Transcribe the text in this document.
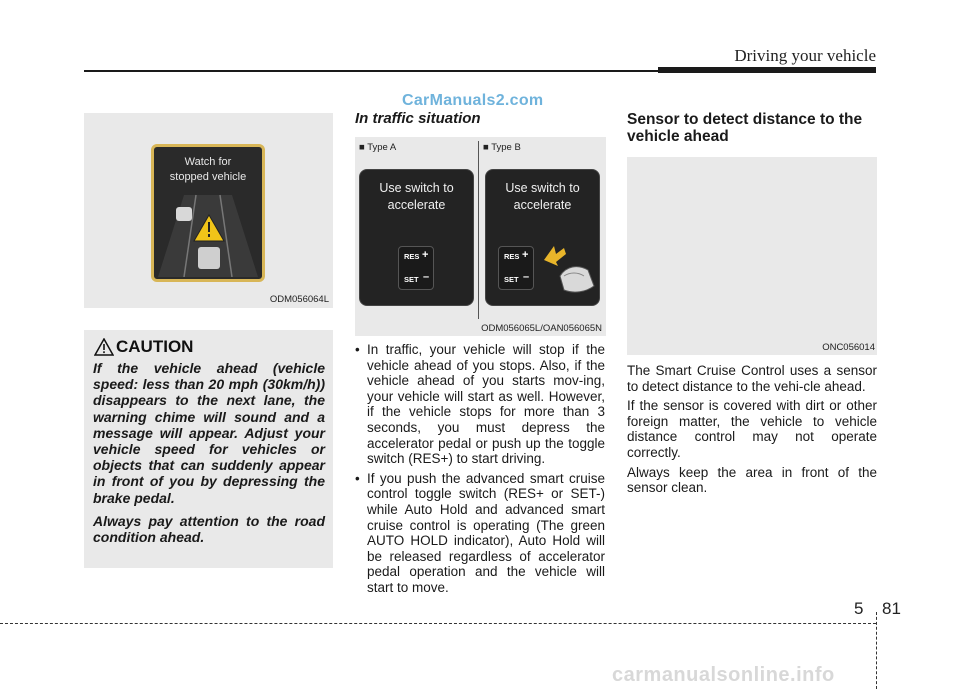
Driving your vehicle
CarManuals2.com
Watch for
stopped vehicle
ODM056064L
CAUTION

If the vehicle ahead (vehicle speed: less than 20 mph (30km/h)) disappears to the next lane, the warning chime will sound and a message will appear. Adjust your vehicle speed for vehicles or objects that can suddenly appear in front of you by depressing the brake pedal.

Always pay attention to the road condition ahead.

In traffic situation
■ Type A	■ Type B
Use switch to
accelerate
RES +
SET –
Use switch to
accelerate
RES +
SET –
ODM056065L/OAN056065N
• In traffic, your vehicle will stop if the vehicle ahead of you stops. Also, if the vehicle ahead of you starts mov-ing, your vehicle will start as well. However, if the vehicle stops for more than 3 seconds, you must depress the accelerator pedal or push up the toggle switch (RES+) to start driving.
• If you push the advanced smart cruise control toggle switch (RES+ or SET-) while Auto Hold and advanced smart cruise control is operating (The green AUTO HOLD indicator), Auto Hold will be released regardless of accelerator pedal operation and the vehicle will start to move.
Sensor to detect distance to the vehicle ahead
ONC056014

The Smart Cruise Control uses a sensor to detect distance to the vehi-cle ahead.

If the sensor is covered with dirt or other foreign matter, the vehicle to vehicle distance control may not operate correctly.

Always keep the area in front of the sensor clean.

5 81
carmanualsonline.info
